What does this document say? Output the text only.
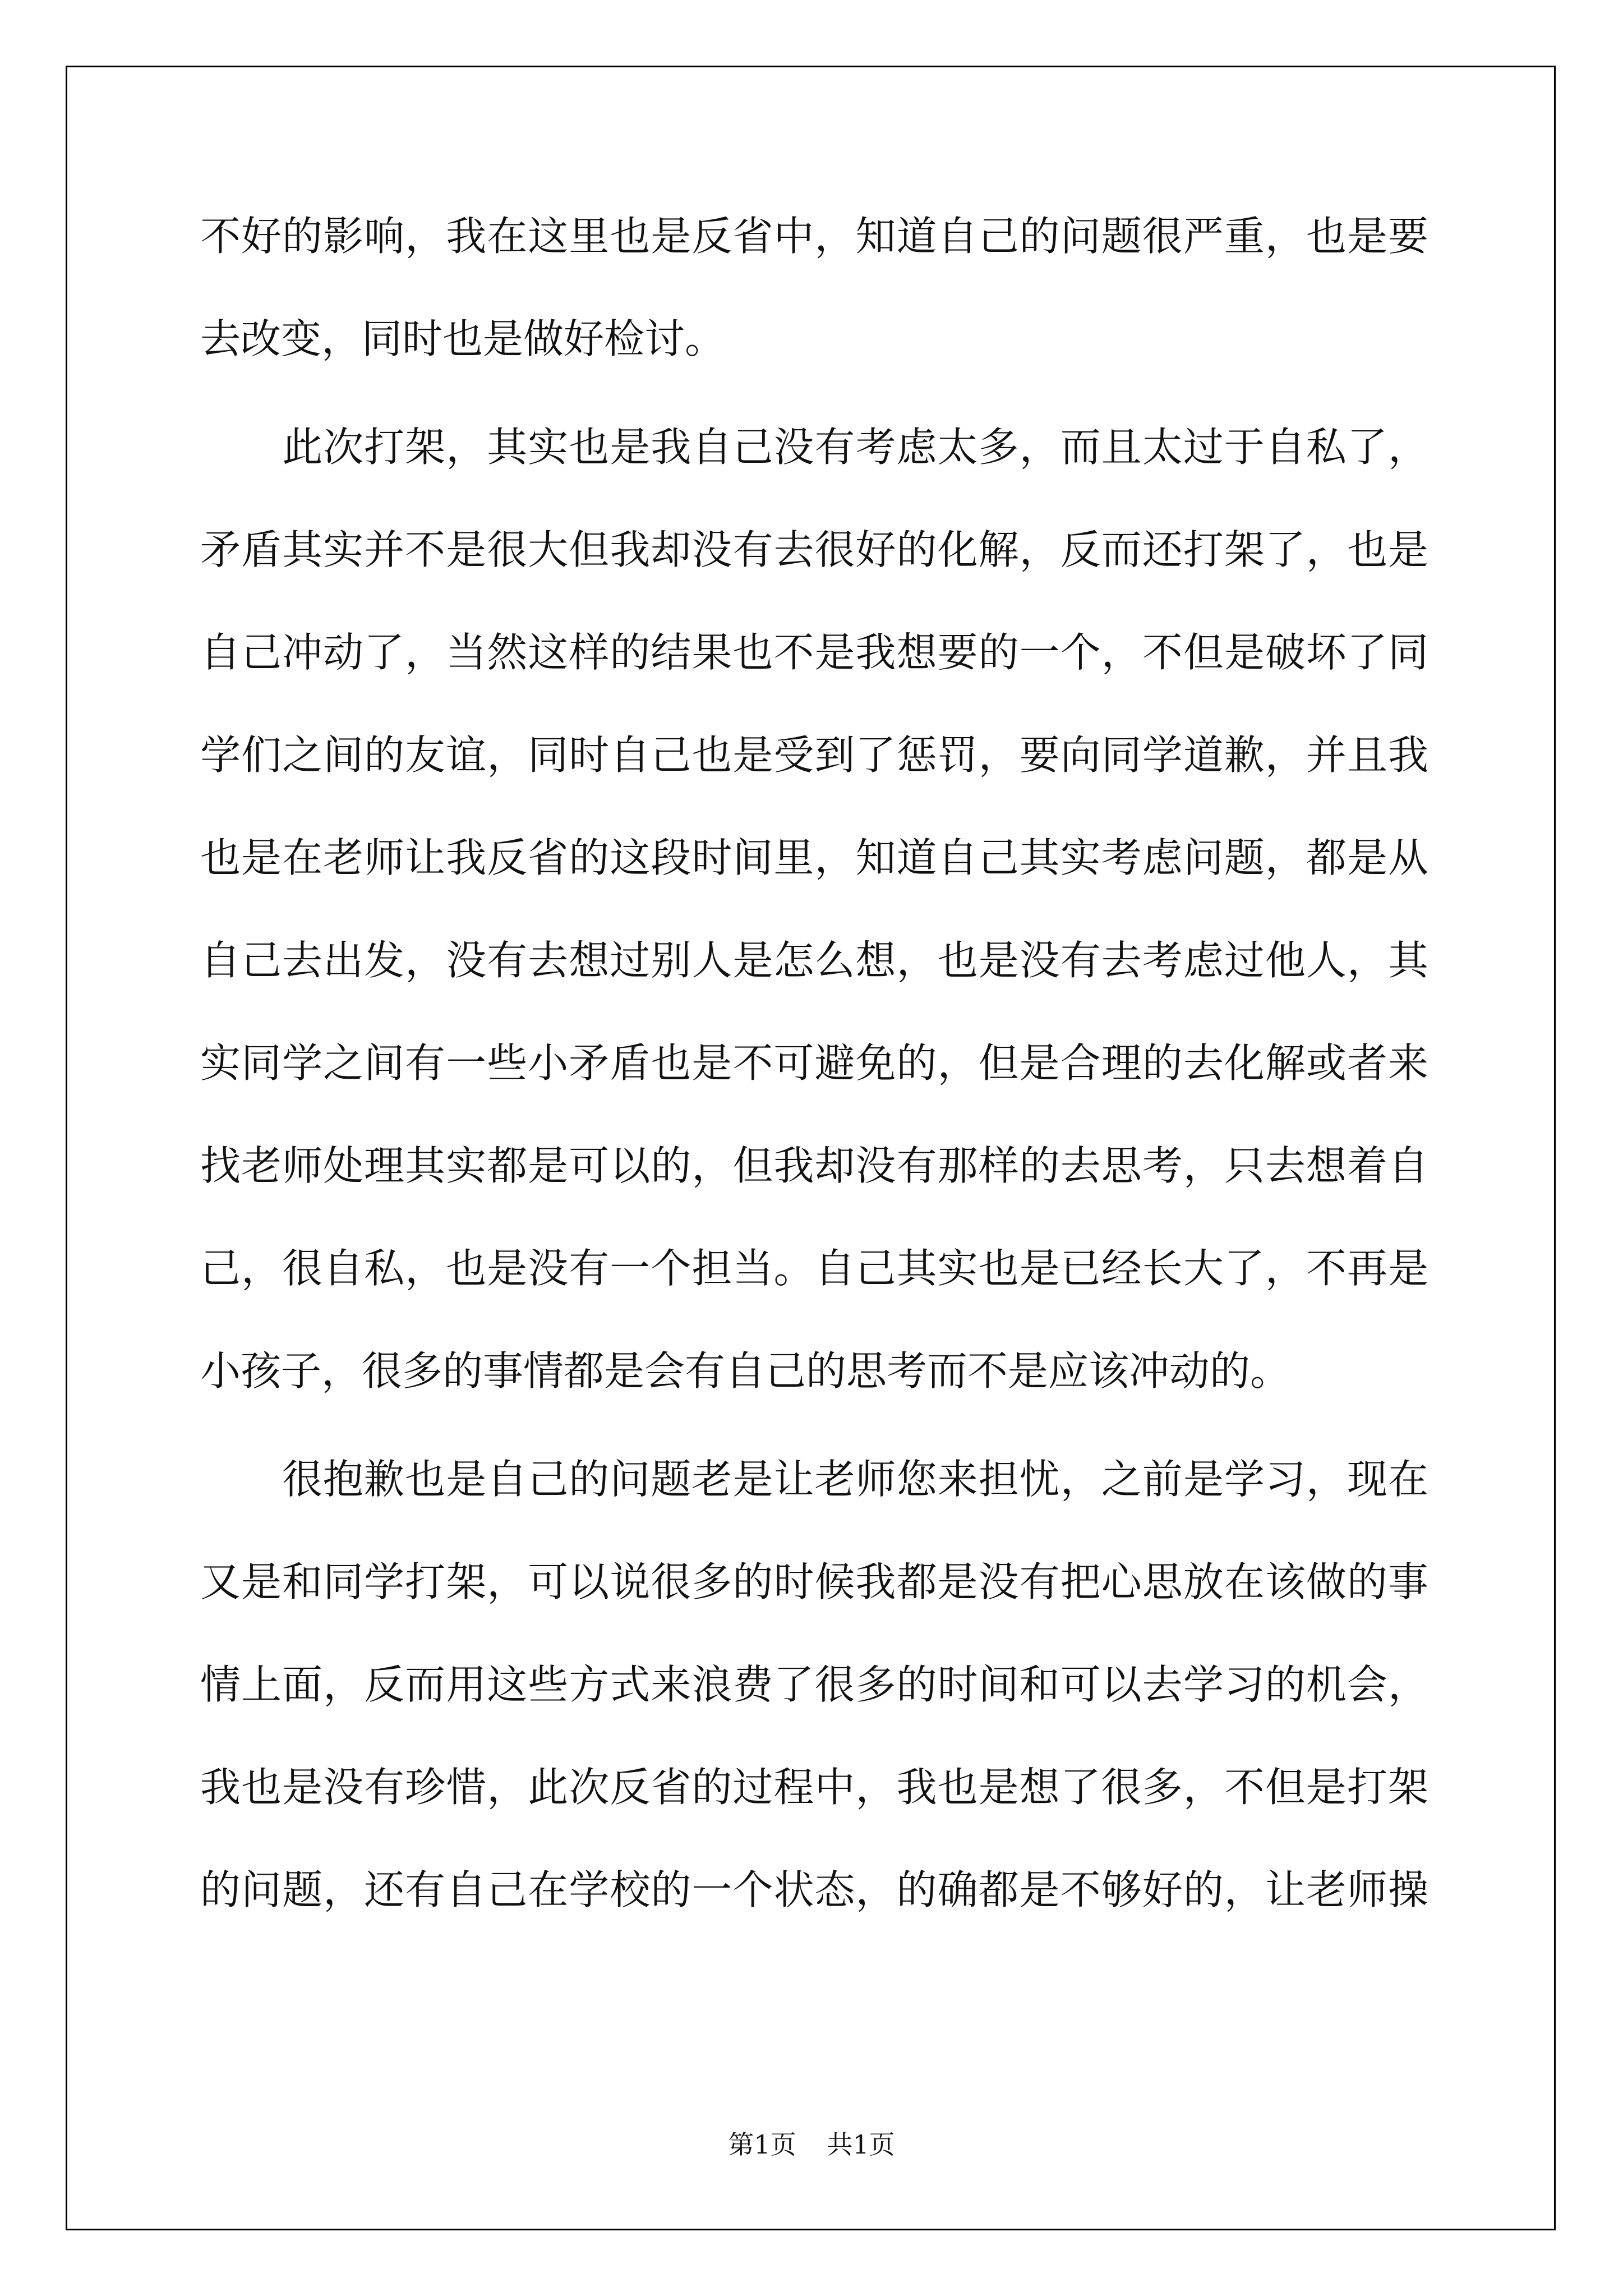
不好的影响，我在这里也是反省中，知道自己的问题很严重，也是要
去改变，同时也是做好检讨。
　　此次打架，其实也是我自己没有考虑太多，而且太过于自私了，
矛盾其实并不是很大但我却没有去很好的化解，反而还打架了，也是
自己冲动了，当然这样的结果也不是我想要的一个，不但是破坏了同
学们之间的友谊，同时自己也是受到了惩罚，要向同学道歉，并且我
也是在老师让我反省的这段时间里，知道自己其实考虑问题，都是从
自己去出发，没有去想过别人是怎么想，也是没有去考虑过他人，其
实同学之间有一些小矛盾也是不可避免的，但是合理的去化解或者来
找老师处理其实都是可以的，但我却没有那样的去思考，只去想着自
己，很自私，也是没有一个担当。自己其实也是已经长大了，不再是
小孩子，很多的事情都是会有自己的思考而不是应该冲动的。
　　很抱歉也是自己的问题老是让老师您来担忧，之前是学习，现在
又是和同学打架，可以说很多的时候我都是没有把心思放在该做的事
情上面，反而用这些方式来浪费了很多的时间和可以去学习的机会，
我也是没有珍惜，此次反省的过程中，我也是想了很多，不但是打架
的问题，还有自己在学校的一个状态，的确都是不够好的，让老师操
第1页 共1页
